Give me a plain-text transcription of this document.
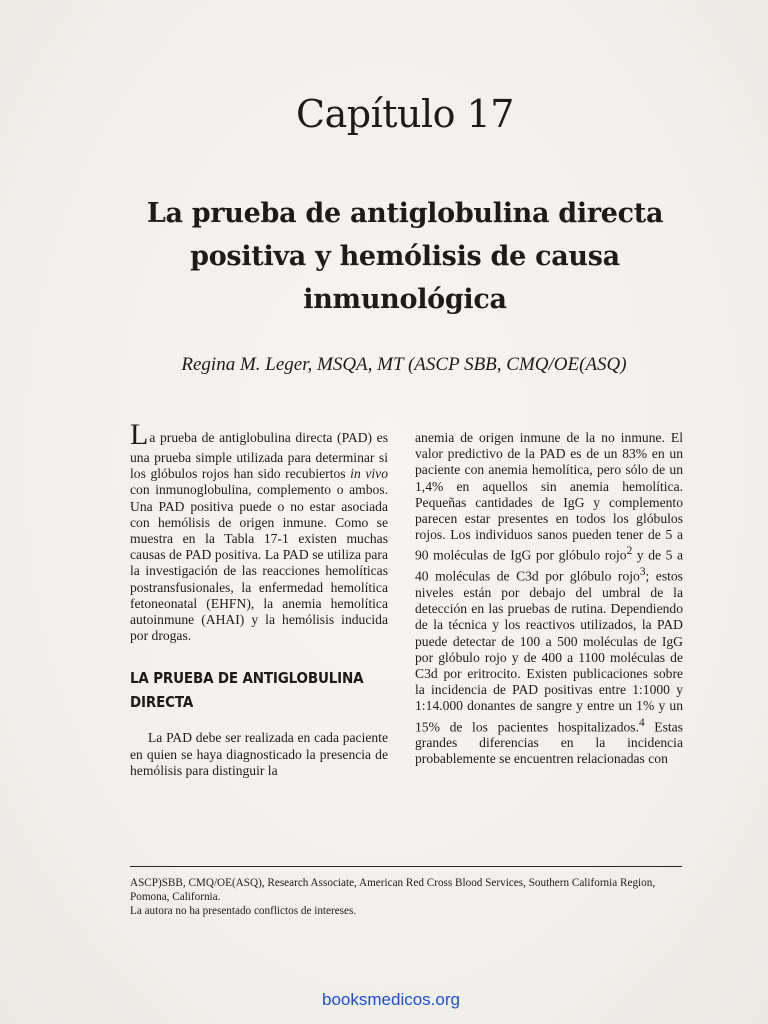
Capítulo 17
La prueba de antiglobulina directa
positiva y hemólisis de causa
inmunológica
Regina M. Leger, MSQA, MT (ASCP SBB, CMQ/OE(ASQ)

La prueba de antiglobulina directa (PAD) es una prueba simple utilizada para determinar si los glóbulos rojos han sido recubiertos in vivo con inmunoglobulina, complemento o ambos. Una PAD positiva puede o no estar asociada con hemólisis de origen inmune. Como se muestra en la Tabla 17-1 existen muchas causas de PAD positiva. La PAD se utiliza para la investigación de las reacciones hemolíticas postransfusionales, la enfermedad hemolítica fetoneonatal (EHFN), la anemia hemolítica autoinmune (AHAI) y la hemólisis inducida por drogas.

LA PRUEBA DE ANTIGLOBULINA DIRECTA

La PAD debe ser realizada en cada paciente en quien se haya diagnosticado la presencia de hemólisis para distinguir la

anemia de origen inmune de la no inmune. El valor predictivo de la PAD es de un 83% en un paciente con anemia hemolítica, pero sólo de un 1,4% en aquellos sin anemia hemolítica. Pequeñas cantidades de IgG y complemento parecen estar presentes en todos los glóbulos rojos. Los individuos sanos pueden tener de 5 a 90 moléculas de IgG por glóbulo rojo$^2$ y de 5 a 40 moléculas de C3d por glóbulo rojo$^3$; estos niveles están por debajo del umbral de la detección en las pruebas de rutina. Dependiendo de la técnica y los reactivos utilizados, la PAD puede detectar de 100 a 500 moléculas de IgG por glóbulo rojo y de 400 a 1100 moléculas de C3d por eritrocito. Existen publicaciones sobre la incidencia de PAD positivas entre 1:1000 y 1:14.000 donantes de sangre y entre un 1% y un 15% de los pacientes hospitalizados.$^4$ Estas grandes diferencias en la incidencia probablemente se encuentren relacionadas con

ASCP)SBB, CMQ/OE(ASQ), Research Associate, American Red Cross Blood Services, Southern California Region, Pomona, California.
La autora no ha presentado conflictos de intereses.
booksmedicos.org
